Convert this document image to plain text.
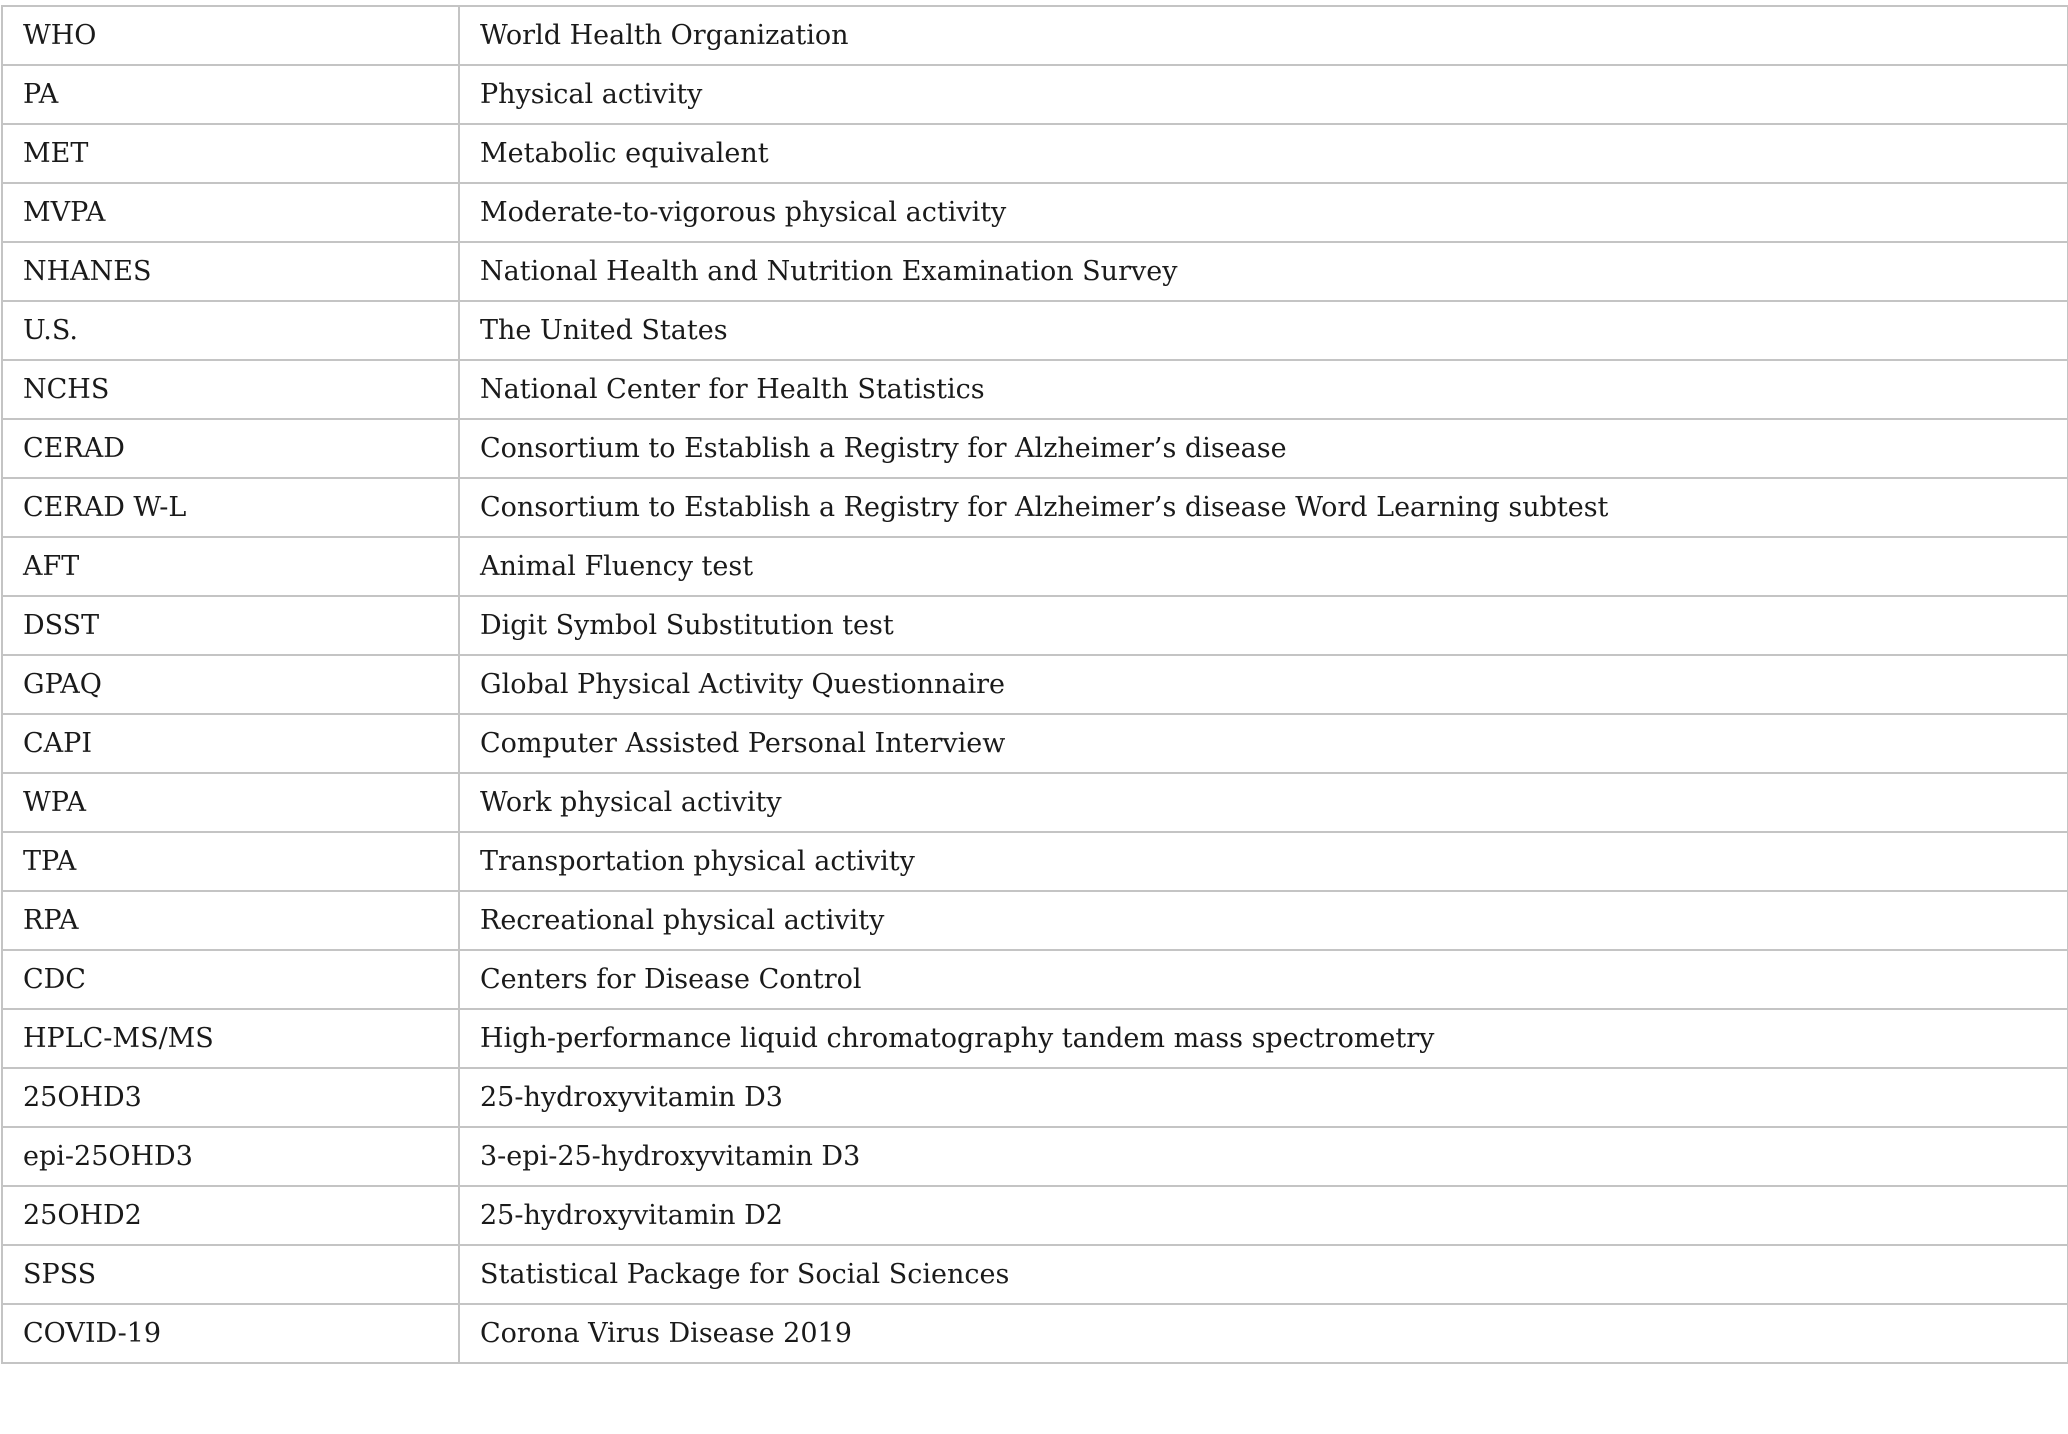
WHO	World Health Organization
PA	Physical activity
MET	Metabolic equivalent
MVPA	Moderate-to-vigorous physical activity
NHANES	National Health and Nutrition Examination Survey
U.S.	The United States
NCHS	National Center for Health Statistics
CERAD	Consortium to Establish a Registry for Alzheimer’s disease
CERAD W-L	Consortium to Establish a Registry for Alzheimer’s disease Word Learning subtest
AFT	Animal Fluency test
DSST	Digit Symbol Substitution test
GPAQ	Global Physical Activity Questionnaire
CAPI	Computer Assisted Personal Interview
WPA	Work physical activity
TPA	Transportation physical activity
RPA	Recreational physical activity
CDC	Centers for Disease Control
HPLC-MS/MS	High-performance liquid chromatography tandem mass spectrometry
25OHD3	25-hydroxyvitamin D3
epi-25OHD3	3-epi-25-hydroxyvitamin D3
25OHD2	25-hydroxyvitamin D2
SPSS	Statistical Package for Social Sciences
COVID-19	Corona Virus Disease 2019
